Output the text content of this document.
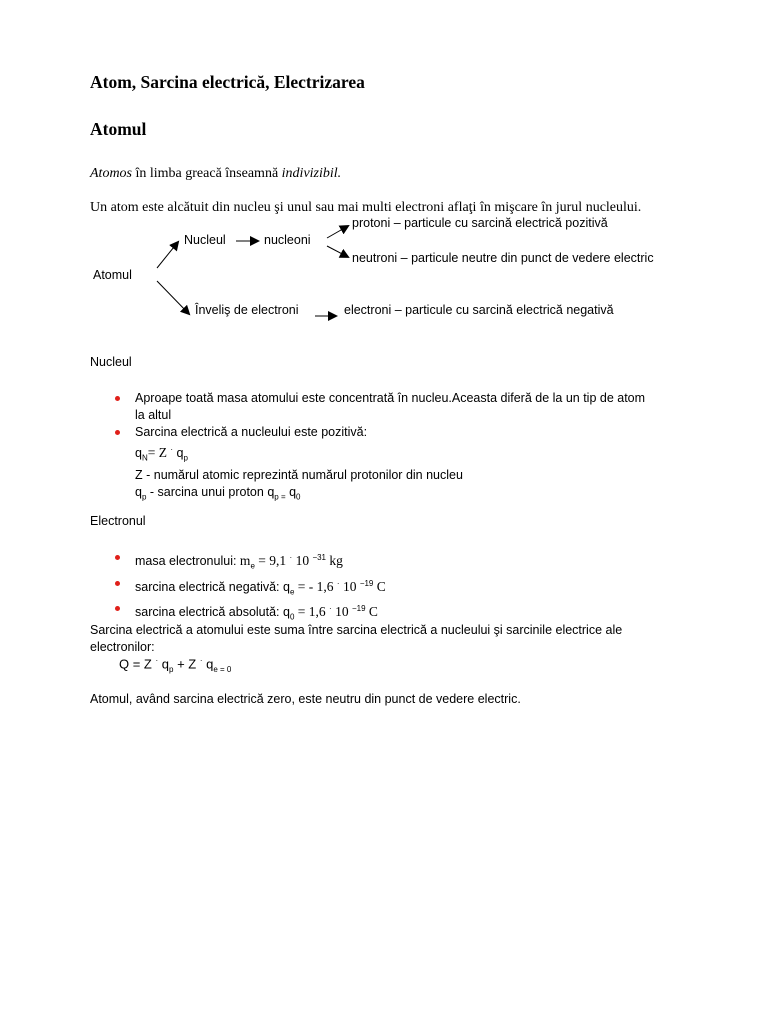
Atom, Sarcina electrică, Electrizarea
Atomul
Atomos în limba greacă înseamnă indivizibil.
Un atom este alcătuit din nucleu şi unul sau mai multi electroni aflaţi în mişcare în jurul nucleului.
Atomul
Nucleul	nucleoni
protoni – particule cu sarcină electrică pozitivă
neutroni – particule neutre din punct de vedere electric
Înveliş de electroni	electroni – particule cu sarcină electrică negativă
Nucleul
Aproape toată masa atomului este concentrată în nucleu.Aceasta diferă de la un tip de atom
la altul
Sarcina electrică a nucleului este pozitivă:
$q_N= Z$ · $q_p$
Z - numărul atomic reprezintă numărul protonilor din nucleu
$q_p$ - sarcina unui proton $q_{p =}$ $q_0$
Electronul
masa electronului: $m_e = 9,1$ · 10 $^{-31}$ kg
sarcina electrică negativă: $q_e$ = - 1,6 · 10 $^{-19}$ C
sarcina electrică absolută: $q_0 = 1,6$ · 10 $^{-19}$ C
Sarcina electrică a atomului este suma între sarcina electrică a nucleului şi sarcinile electrice ale
electronilor:
Q = Z · $q_p + Z$ · $q_{e = 0}$
Atomul, având sarcina electrică zero, este neutru din punct de vedere electric.
